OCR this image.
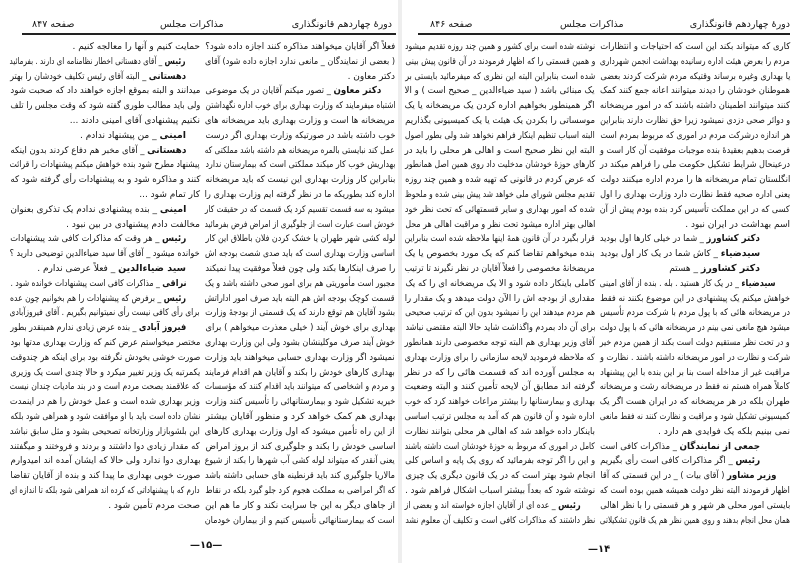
دورهٔ چهاردهم قانونگذاری
مذاکرات مجلس
صفحه ۸۴۷
فعلاً اگر آقایان میخواهند مذاکره کنند اجازه داده شود؟
( بعضی از نمایندگان _ مانعی ندارد اجازه داده شود) آقای
دکتر معاون .
دکتر معاون _ تصور میکنم آقایان در یک موضوعی
اشتباه میفرمایند که وزارت بهداری برای خوب اداره نگهداشتن
مریضخانه ها است و وزارت بهداری باید مریضخانه های
خوب داشته باشد در صورتیکه وزارت بهداری اگر درست
عمل کند نبایستی بالمره مریضخانه هم داشته باشد مملکتی که
بهداریش خوب کار میکند مملکتی است که بیمارستان ندارد
بنابراین کار وزارت بهداری این نیست که باید مریضخانه
اداره کند بطوریکه ما در نظر گرفته ایم وزارت بهداری را
میشود به سه قسمت تقسیم کرد یک قسمت که در حقیقت کار
خودش است عبارت است از جلوگیری از امراض فرض بفرمائید
لوله کشی شهر طهران یا خشک کردن فلان باطلاق این کار
اساسی وزارت بهداری است که باید صدی شصت بودجه اش
را صرف اینکارها بکند ولی چون فعلاً موفقیت پیدا نمیکند
مجبور است مأموریتی هم برای امور صحی داشته باشد و یک
قسمت کوچک بودجه اش هم البته باید صرف امور اداراتش
بشود آقایان هم توقع دارند که یک قسمتی از بودجهٔ وزارت
بهداری برای خوش آیند ( خیلی معذرت میخواهم ) برای
خوش آیند صرف موکلینشان بشود ولی این وزارت بهداری
نمیشود اگر وزارت بهداری حسابی میخواهند باید وزارت
بهداری کارهای خودش را بکند و آقایان هم اقدام فرمایند
و مردم و اشخاصی که میتوانند باید اقدام کنند که مؤسسات
خیریه تشکیل شود و بیمارستانهائی را تأسیس کنند وزارت
بهداری هم کمک خواهد کرد و منظور آقایان بیشتر
از این راه تأمین میشود که اول وزارت بهداری کارهای
اساسی خودش را بکند و جلوگیری کند از بروز امراض
یعنی آنقدر که میتواند لوله کشی آب شهرها را بکند از شیوع
مالاریا جلوگیری کند باید قرنطینه های حسابی داشته باشد
که اگر امراضی به مملکت هجوم کرد جلو گیرد بلکه در نقاط
از جاهای دیگر به این جا سرایت نکند و کار ما هم این
است که بیمارستانهائی تأسیس کنیم و از بیماران خودمان
حمایت کنیم و آنها را معالجه کنیم .
رئیس _ آقای دهستانی اخطار نظامنامه ای دارند . بفرمائید
دهستانی _ البته آقای رئیس تکلیف خودشان را بهتر
میدانند و البته بموقع اجازه خواهند داد که صحبت شود
ولی باید مطالب طوری گفته شود که وقت مجلس را تلف
نکنیم پیشنهادی آقای امینی دادند ...
امینی _ من پیشنهاد ندادم .
دهستانی _ آقای مخبر هم دفاع کردند بدون اینکه
پیشنهاد مطرح شود بنده خواهش میکنم پیشنهادات را قرائت
کنند و مذاکره شود و به پیشنهادات رأی گرفته شود که
کار تمام شود ...
امینی _ بنده پیشنهادی ندادم یک تذکری بعنوان
مخالفت دادم پیشنهادی در بین نبود .
رئیس _ هر وقت که مذاکرات کافی شد پیشنهادات
خوانده میشود _ آقای آقا سید ضیاءالدین توضیحی دارید ؟
سید ضیاءالدین _ فعلاً عرضی ندارم .
نراقی _ مذاکرات کافی است پیشنهادات خوانده شود .
رئیس _ برفرض که پیشنهادات را هم بخوانیم چون عده
برای رأی کافی نیست رأی نمیتوانیم بگیریم . آقای فیروزآبادی
فیروز آبادی _ بنده عرض زیادی ندارم همینقدر بطور
مختصر میخواستم عرض کنم که وزارت بهداری مدتها بود
صورت خوشی بخودش نگرفته بود برای اینکه هر چندوقت
یکمرتبه یک وزیر تغییر میکرد و حالا چندی است یک وزیری
که علاقمند بصحت مردم است و در بند مادیات چندان نیست
وزیر بهداری شده است و عمل خودش را هم در اینمدت
نشان داده است باید با او موافقت شود و همراهی شود بلکه
این بلشوبازار وزارتخانه تصحیحی بشود و مثل سابق نباشد
که مقدار زیادی دوا داشتند و بردند و فروختند و میگفتند
بهداری دوا ندارد ولی حالا که ایشان آمده اند امیدوارم
صورت خوبی بهداری ما پیدا کند و بنده از آقایان تقاضا
دارم که با پیشنهاداتی که کرده اند همراهی شود بلکه تا اندازه ای
صحت مردم تأمین شود .
—۱۵—
دورهٔ چهاردهم قانونگذاری
مذاکرات مجلس
صفحه ۸۴۶
کاری که میتواند بکند این است که احتیاجات و انتظارات
مردم را بعرض هیئت اداره رسانیده بهداشت انجمن شهرداری
یا بهداری وغیره برساند وقتیکه مردم شرکت کردند بعضی
هموطنان خودشان را دیدند میتوانند اعانه جمع کنند کمک
کنند میتوانند اطمینان داشته باشند که در امور مریضخانه
و دوائر صحی دزدی نمیشود زیرا حق نظارت دارند بنابراین
هر اندازه درشرکت مردم در اموری که مربوط بمردم است
فرصت بدهیم بعقیدهٔ بنده موجبات موفقیت آن کار است و
درعینحال شرایط تشکیل حکومت ملی را فراهم میکند در
انگلستان تمام مریضخانه ها را مردم اداره میکنند دولت
یعنی اداره صحیه فقط نظارت دارد وزارت بهداری را اول
کسی که در این مملکت تأسیس کرد بنده بودم پیش از آن
اسم بهداشت در ایران نبود .
دکتر کشاورز _ شما در خیلی کارها اول بودید
سیدضیاء _ کاش شما در یک کار اول بودید
دکتر کشاورز _ هستم
سیدضیاء _ در یک کار هستید . بله . بنده از آقای امینی
خواهش میکنم یک پیشنهادی در این موضوع بکنند نه فقط
در مریضخانه هائی که با پول مردم با شرکت مردم تأسیس
میشود هیچ مانعی نمی بینم در مریضخانه هائی که با پول دولت
و در تحت نظر مستقیم دولت است بکند از همین مردم خیر
شرکت و نظارت در امور مریضخانه داشته باشند . نظارت و
مراقبت غیر از مداخله است بنا بر این بنده با این پیشنهاد
کاملاً همراه هستم نه فقط در مریضخانه رشت و مریضخانه
طهران بلکه در هر مریضخانه که در ایران هست اگر یک
کمیسیونی تشکیل شود و مراقبت و نظارت کنند نه فقط مانعی
نمی بینیم بلکه یک فوایدی هم دارد .
جمعی از نمایندگان _ مذاکرات کافی است
رئیس _ اگر مذاکرات کافی است رأی بگیریم
وزیر مشاور ( آقای بیات ) _ در این قسمتی که آقا
اظهار فرمودند البته نظر دولت همیشه همین بوده است که
بایستی امور محلی هر شهر و هر قسمتی را با نظر اهالی
همان محل انجام بدهند و روی همین نظر هم یک قانون تشکیلاتی
نوشته شده است برای کشور و همین چند روزه تقدیم میشود
و همین قسمتی را که اظهار فرمودند در آن قانون پیش بینی
شده است بنابراین البته این نظری که میفرمائید بایستی بر
یک مبنائی باشد ( سید ضیاءالدین _ صحیح است ) و الا
اگر همینطور بخواهیم اداره کردن یک مریضخانه یا یک
موسساتی را بکردن یک هیئت یا یک کمیسیونی بگذاریم
البته اسباب تنظیم اینکار فراهم نخواهد شد ولی بطور اصول
البته این نظر صحیح است و اهالی هر محلی را باید در
کارهای حوزهٔ خودشان مدخلیت داد روی همین اصل همانطور
که عرض کردم در قانونی که تهیه شده و همین چند روزه
تقدیم مجلس شورای ملی خواهد شد پیش بینی شده و ملحوظ
شده که امور بهداری و سایر قسمتهائی که تحت نظر خود
اهالی بهتر اداره میشود تحت نظر و مراقبت اهالی هر محل
قرار بگیرد در آن قانون همهٔ اینها ملاحظه شده است بنابراین
بنده میخواهم تقاضا کنم که یک مورد بخصوص یا یک
مریضخانهٔ مخصوصی را فعلاً آقایان در نظر نگیرند تا ترتیب
کاملی باینکار داده شود و الا یک مریضخانه ای را که یک
مقداری از بودجه اش را الآن دولت میدهد و یک مقدار را
هم مردم میدهند این را نمیشود بدون این که ترتیب صحیحی
برای آن داد بمردم واگذاشت شاید حالا البته مقتضی نباشد
آقای وزیر بهداری هم البته توجه مخصوصی دارند همانطور
که ملاحظه فرمودید لایحه سازمانی را برای وزارت بهداری
به مجلس آورده اند که قسمت هائی را که در نظر
گرفته اند مطابق آن لایحه تأمین کنند و البته وضعیت
بهداری و بیمارستانها را بیشتر مراعات خواهند کرد که خوب
اداره شود و آن قانون هم که آمد به مجلس ترتیب اساسی
باینکار داده خواهد شد که اهالی هر محلی بتوانند نظارت
کامل در اموری که مربوط به حوزهٔ خودشان است داشته باشند
و این را اگر توجه بفرمائید که روی یک پایه و اساس کلی
انجام شود بهتر است که در یک قانون دیگری یک چیزی
نوشته شود که بعداً بیشتر اسباب اشکال فراهم شود .
رئیس _ عده ای از آقایان اجازه خواسته اند و بعضی از
نظر داشتند که مذاکرات کافی است و تکلیف آن معلوم نشد
—۱۴
